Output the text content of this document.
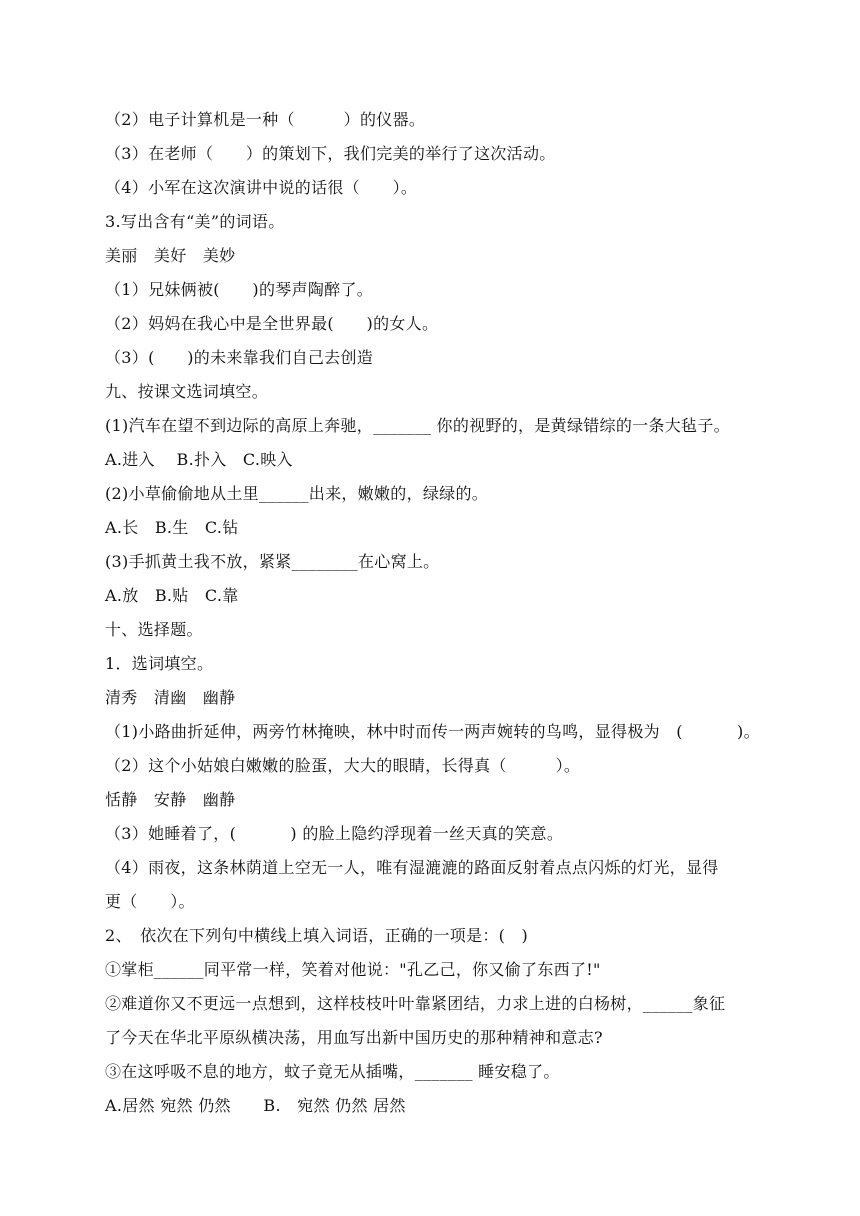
（2）电子计算机是一种（　　　）的仪器。
（3）在老师（　　）的策划下，我们完美的举行了这次活动。
（4）小军在这次演讲中说的话很（　　）。
3.写出含有“美”的词语。
美丽　美好　美妙
（1）兄妹俩被(　　)的琴声陶醉了。
（2）妈妈在我心中是全世界最(　　)的女人。
（3）(　　)的未来靠我们自己去创造
九、按课文选词填空。
(1)汽车在望不到边际的高原上奔驰，_______ 你的视野的，是黄绿错综的一条大毡子。
A.进入　 B.扑入　C.映入
(2)小草偷偷地从土里______出来，嫩嫩的，绿绿的。
A.长　B.生　C.钻
(3)手抓黄土我不放，紧紧________在心窝上。
A.放　B.贴　C.靠
十、选择题。
1．选词填空。
清秀　清幽　幽静
（1)小路曲折延伸，两旁竹林掩映，林中时而传一两声婉转的鸟鸣，显得极为　(　　　 )。
（2）这个小姑娘白嫩嫩的脸蛋，大大的眼睛，长得真（　　　）。
恬静　安静　幽静
（3）她睡着了，(　　　 ) 的脸上隐约浮现着一丝天真的笑意。
（4）雨夜，这条林荫道上空无一人，唯有湿漉漉的路面反射着点点闪烁的灯光，显得
更（　　）。
2、　依次在下列句中横线上填入词语，正确的一项是：(　)
①掌柜______同平常一样，笑着对他说："孔乙己，你又偷了东西了!"
②难道你又不更远一点想到，这样枝枝叶叶靠紧团结，力求上进的白杨树，______象征
了今天在华北平原纵横决荡，用血写出新中国历史的那种精神和意志?
③在这呼吸不息的地方，蚊子竟无从插嘴，_______ 睡安稳了。
A.居然 宛然 仍然　　B.　宛然 仍然 居然
